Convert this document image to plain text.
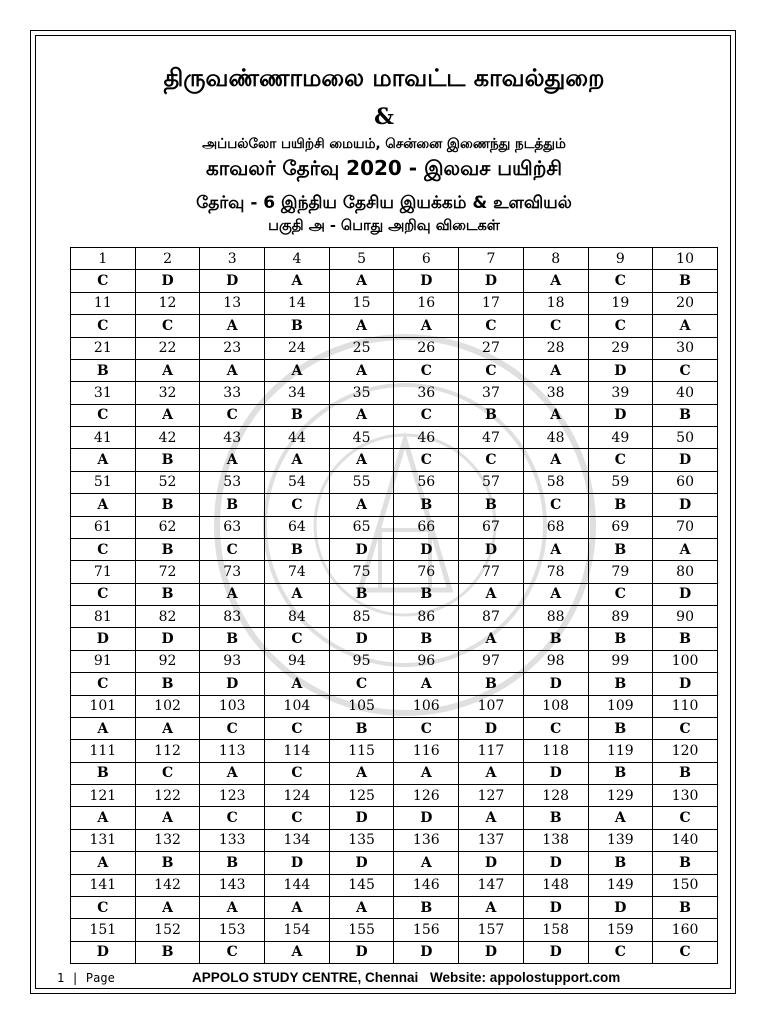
திருவண்ணாமலை மாவட்ட காவல்துறை
&
அப்பல்லோ பயிற்சி மையம், சென்னை இணைந்து நடத்தும்
காவலர் தேர்வு 2020 - இலவச பயிற்சி
தேர்வு - 6 இந்திய தேசிய இயக்கம் & உளவியல்
பகுதி அ - பொது அறிவு விடைகள்
1	2	3	4	5	6	7	8	9	10
C	D	D	A	A	D	D	A	C	B
11	12	13	14	15	16	17	18	19	20
C	C	A	B	A	A	C	C	C	A
21	22	23	24	25	26	27	28	29	30
B	A	A	A	A	C	C	A	D	C
31	32	33	34	35	36	37	38	39	40
C	A	C	B	A	C	B	A	D	B
41	42	43	44	45	46	47	48	49	50
A	B	A	A	A	C	C	A	C	D
51	52	53	54	55	56	57	58	59	60
A	B	B	C	A	B	B	C	B	D
61	62	63	64	65	66	67	68	69	70
C	B	C	B	D	D	D	A	B	A
71	72	73	74	75	76	77	78	79	80
C	B	A	A	B	B	A	A	C	D
81	82	83	84	85	86	87	88	89	90
D	D	B	C	D	B	A	B	B	B
91	92	93	94	95	96	97	98	99	100
C	B	D	A	C	A	B	D	B	D
101	102	103	104	105	106	107	108	109	110
A	A	C	C	B	C	D	C	B	C
111	112	113	114	115	116	117	118	119	120
B	C	A	C	A	A	A	D	B	B
121	122	123	124	125	126	127	128	129	130
A	A	C	C	D	D	A	B	A	C
131	132	133	134	135	136	137	138	139	140
A	B	B	D	D	A	D	D	B	B
141	142	143	144	145	146	147	148	149	150
C	A	A	A	A	B	A	D	D	B
151	152	153	154	155	156	157	158	159	160
D	B	C	A	D	D	D	D	C	C
1 | Page	APPOLO STUDY CENTRE, Chennai Website: appolostupport.com
